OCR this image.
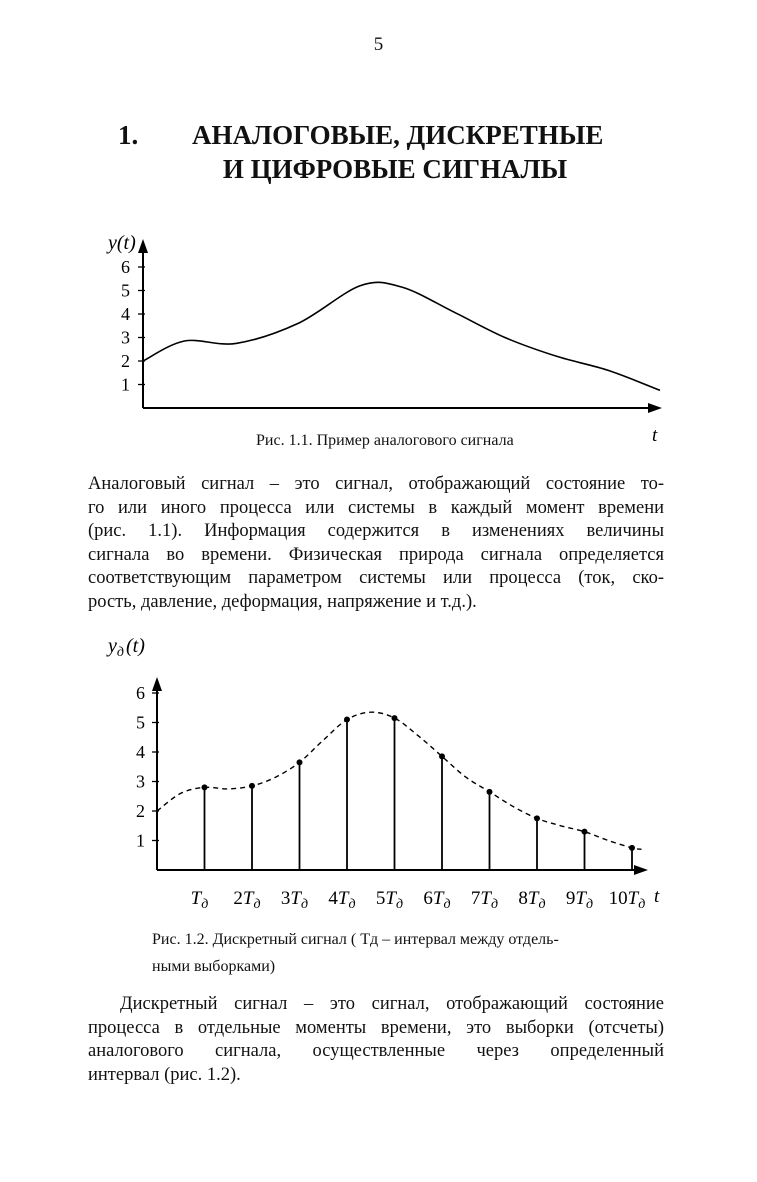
5
1. АНАЛОГОВЫЕ, ДИСКРЕТНЫЕ
И ЦИФРОВЫЕ СИГНАЛЫ
1
2
3
4
5
6
y(t)
t
Рис. 1.1. Пример аналогового сигнала
Аналоговый сигнал – это сигнал, отображающий состояние то-
го или иного процесса или системы в каждый момент времени
(рис. 1.1). Информация содержится в изменениях величины
сигнала во времени. Физическая природа сигнала определяется
соответствующим параметром системы или процесса (ток, ско-
рость, давление, деформация, напряжение и т.д.).
1
2
3
4
5
6
$y_д$ (t)
$T_д$ $2T_д$ $3T_д$ $4T_д$ $5T_д$ $6T_д$ $7T_д$ $8T_д$ $9T_д$ $10T_д$ t
Рис. 1.2. Дискретный сигнал ( Tд – интервал между отдель-
ными выборками)
Дискретный сигнал – это сигнал, отображающий состояние
процесса в отдельные моменты времени, это выборки (отсчеты)
аналогового сигнала, осуществленные через определенный
интервал (рис. 1.2).
